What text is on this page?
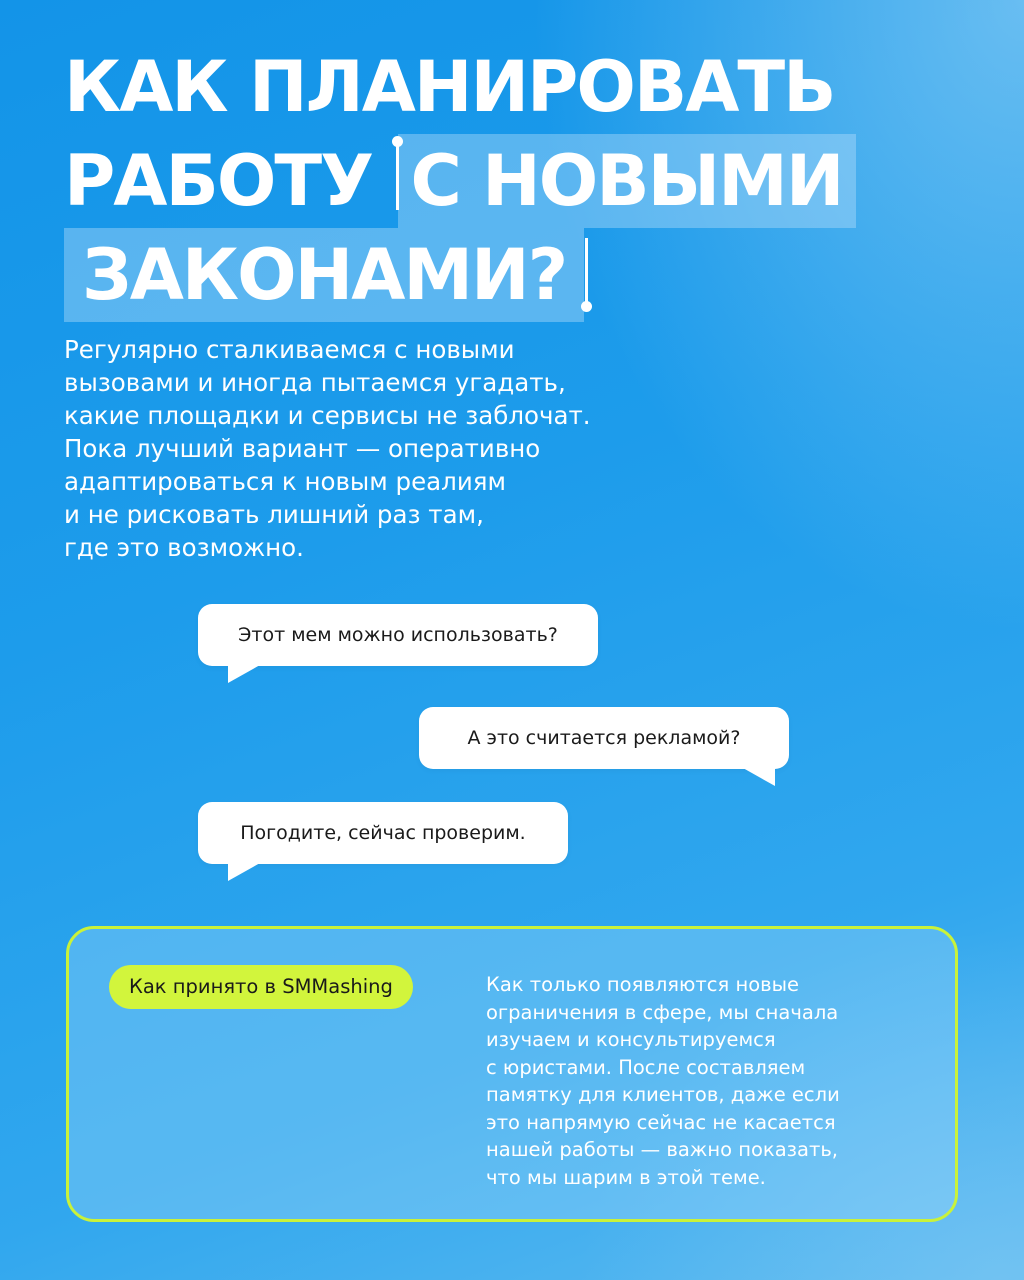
КАК ПЛАНИРОВАТЬ
РАБОТУ С НОВЫМИ
ЗАКОНАМИ?

Регулярно сталкиваемся с новыми
вызовами и иногда пытаемся угадать,
какие площадки и сервисы не заблочат.
Пока лучший вариант — оперативно
адаптироваться к новым реалиям
и не рисковать лишний раз там,
где это возможно.

Этот мем можно использовать?
А это считается рекламой?
Погодите, сейчас проверим.
Как принято в SMMashing	Как только появляются новые
ограничения в сфере, мы сначала
изучаем и консультируемся
с юристами. После составляем
памятку для клиентов, даже если
это напрямую сейчас не касается
нашей работы — важно показать,
что мы шарим в этой теме.
